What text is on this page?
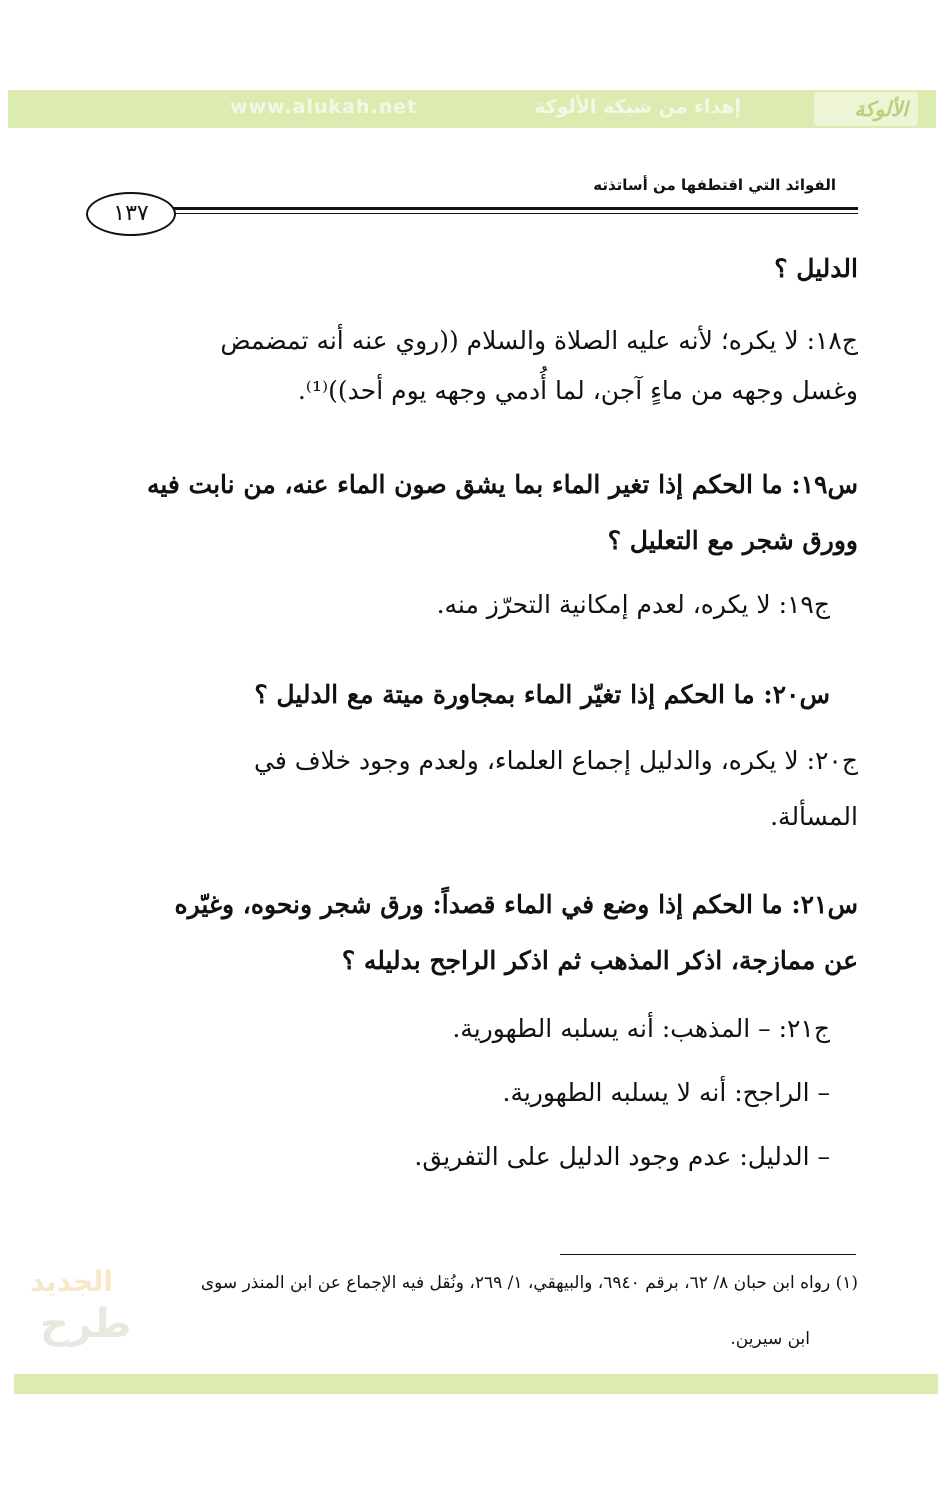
www.alukah.net	إهداء من شبكة الألوكة	الألوكة
الفوائد التي اقتطفها من أساتذته
١٣٧
الدليل ؟
ج١٨: لا يكره؛ لأنه عليه الصلاة والسلام ((روي عنه أنه تمضمض
وغسل وجهه من ماءٍ آجن، لما أُدمي وجهه يوم أحد))⁽¹⁾.
س١٩: ما الحكم إذا تغير الماء بما يشق صون الماء عنه، من نابت فيه
وورق شجر مع التعليل ؟
ج١٩: لا يكره، لعدم إمكانية التحرّز منه.
س٢٠: ما الحكم إذا تغيّر الماء بمجاورة ميتة مع الدليل ؟
ج٢٠: لا يكره، والدليل إجماع العلماء، ولعدم وجود خلاف في
المسألة.
س٢١: ما الحكم إذا وضع في الماء قصداً: ورق شجر ونحوه، وغيّره
عن ممازجة، اذكر المذهب ثم اذكر الراجح بدليله ؟
ج٢١: – المذهب: أنه يسلبه الطهورية.
– الراجح: أنه لا يسلبه الطهورية.
– الدليل: عدم وجود الدليل على التفريق.
(١) رواه ابن حبان ٨/ ٦٢، برقم ٦٩٤٠، والبيهقي، ١/ ٢٦٩، ونُقل فيه الإجماع عن ابن المنذر سوى
ابن سيرين.
الجديد
طرح
